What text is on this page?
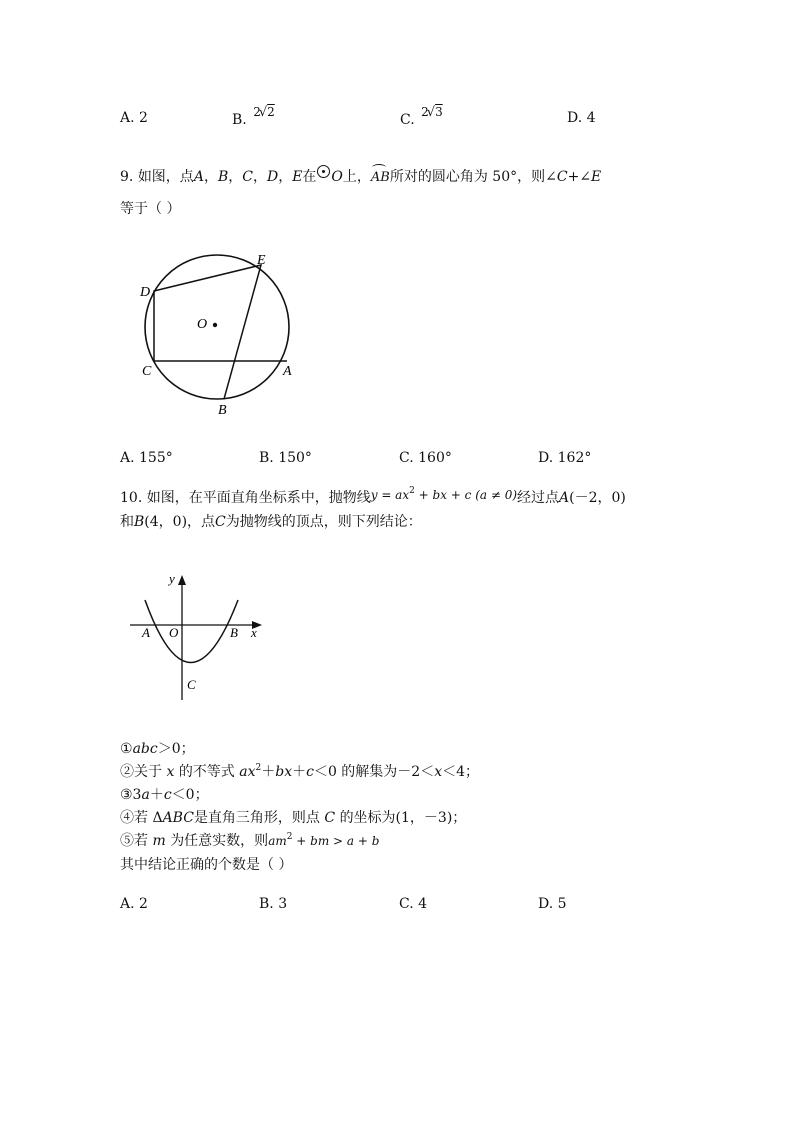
A. 2	B. 2√2	C. 2√3	D. 4
9. 如图，点A，B，C，D，E在 O上，
AB所对的圆心角为 50°，则∠C+∠E
等于（ ）
D
E
O
C	A
B
A. 155°	B. 150°	C. 160°	D. 162°
10. 如图，在平面直角坐标系中，抛物线$y = ax^2$ + bx + c (a ≠ 0)经过点A(－2，0)
和B(4，0)，点C为抛物线的顶点，则下列结论：
y
x
A O	B
C
①abc＞0；
②关于 x 的不等式 $ax^2+bx+c<0$ 的解集为－2＜x＜4；
③3a＋c＜0；
④若 ΔABC是直角三角形，则点 C 的坐标为(1，－3)；
⑤若 m 为任意实数，则$am^2$ + bm > a + b
其中结论正确的个数是（ ）
A. 2	B. 3	C. 4	D. 5
